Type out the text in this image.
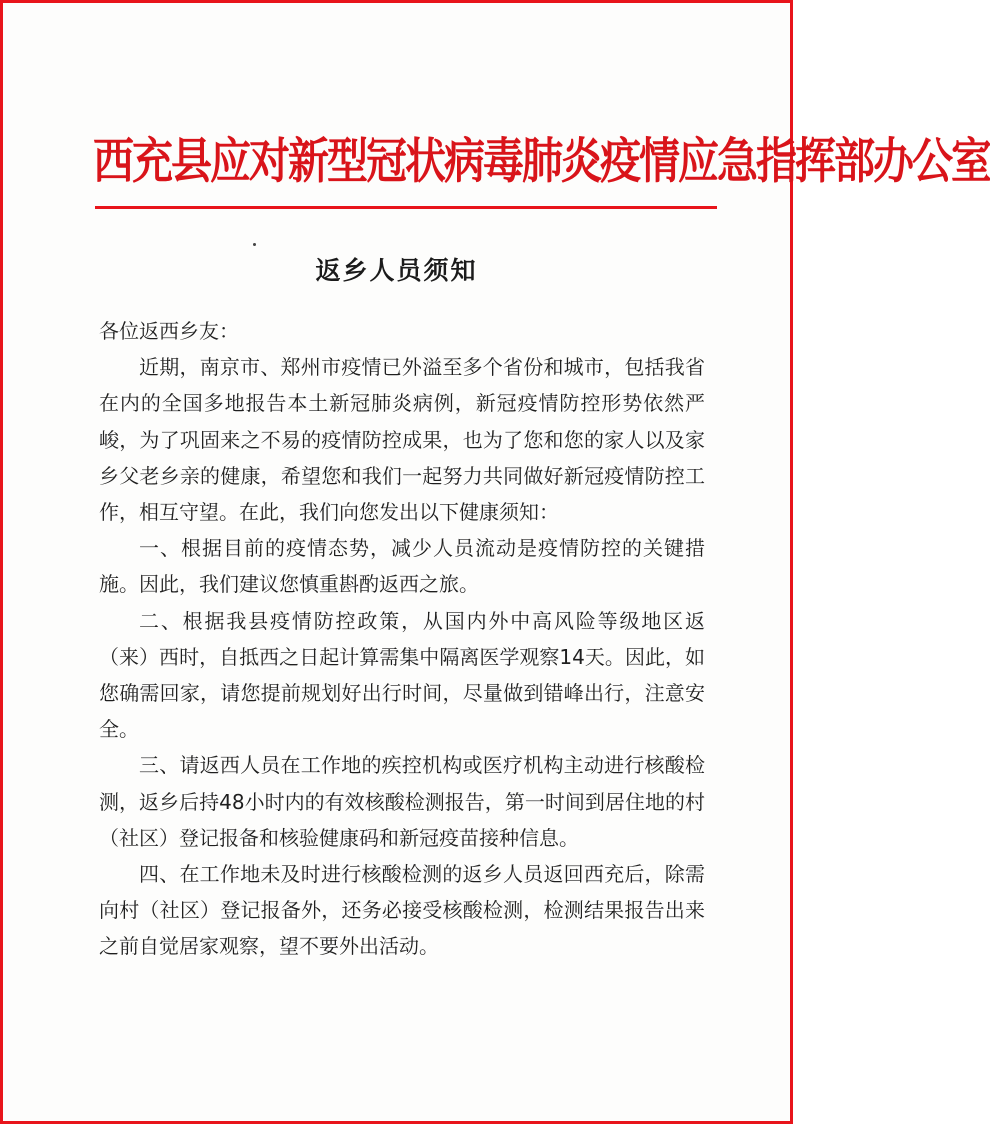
西充县应对新型冠状病毒肺炎疫情应急指挥部办公室
返乡人员须知

各位返西乡友：

近期，南京市、郑州市疫情已外溢至多个省份和城市，包括我省在内的全国多地报告本土新冠肺炎病例，新冠疫情防控形势依然严峻，为了巩固来之不易的疫情防控成果，也为了您和您的家人以及家乡父老乡亲的健康，希望您和我们一起努力共同做好新冠疫情防控工作，相互守望。在此，我们向您发出以下健康须知：

一、根据目前的疫情态势，减少人员流动是疫情防控的关键措施。因此，我们建议您慎重斟酌返西之旅。

二、根据我县疫情防控政策，从国内外中高风险等级地区返（来）西时，自抵西之日起计算需集中隔离医学观察14天。因此，如您确需回家，请您提前规划好出行时间，尽量做到错峰出行，注意安全。

三、请返西人员在工作地的疾控机构或医疗机构主动进行核酸检测，返乡后持48小时内的有效核酸检测报告，第一时间到居住地的村（社区）登记报备和核验健康码和新冠疫苗接种信息。

四、在工作地未及时进行核酸检测的返乡人员返回西充后，除需向村（社区）登记报备外，还务必接受核酸检测，检测结果报告出来之前自觉居家观察，望不要外出活动。
